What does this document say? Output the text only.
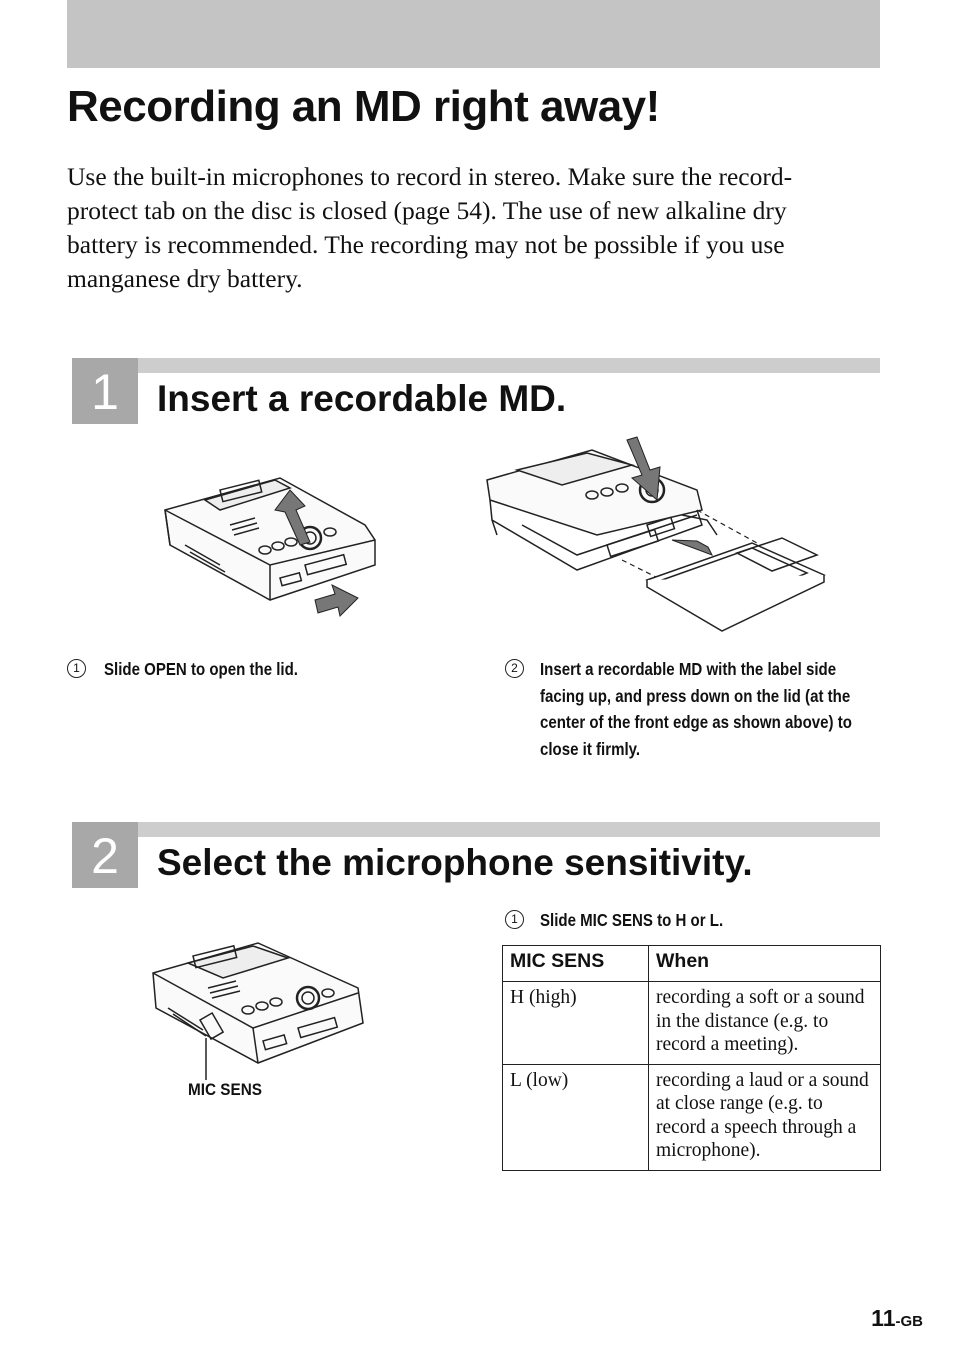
Recording an MD right away!

Use the built-in microphones to record in stereo. Make sure the record-protect tab on the disc is closed (page 54). The use of new alkaline dry battery is recommended. The recording may not be possible if you use manganese dry battery.

1	Insert a recordable MD.
1	Slide OPEN to open the lid.	2	Insert a recordable MD with the label side facing up, and press down on the lid (at the center of the front edge as shown above) to close it firmly.

2	Select the microphone sensitivity.
1	Slide MIC SENS to H or L.

MIC SENS
MIC SENS	When
H (high)	recording a soft or a sound in the distance (e.g. to record a meeting).
L (low)	recording a laud or a sound at close range (e.g. to record a speech through a microphone).
11-GB
